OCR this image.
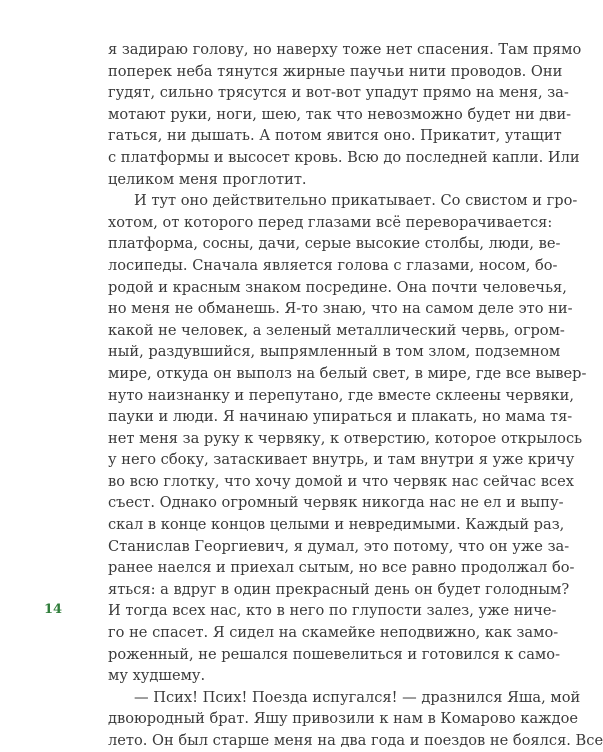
я задираю голову, но наверху тоже нет спасения. Там прямо
поперек неба тянутся жирные паучьи нити проводов. Они
гудят, сильно трясутся и вот-вот упадут прямо на меня, за-
мотают руки, ноги, шею, так что невозможно будет ни дви-
гаться, ни дышать. А потом явится оно. Прикатит, утащит
с платформы и высосет кровь. Всю до последней капли. Или
целиком меня проглотит.
И тут оно действительно прикатывает. Со свистом и гро-
хотом, от которого перед глазами всё переворачивается:
платформа, сосны, дачи, серые высокие столбы, люди, ве-
лосипеды. Сначала является голова с глазами, носом, бо-
родой и красным знаком посредине. Она почти человечья,
но меня не обманешь. Я-то знаю, что на самом деле это ни-
какой не человек, а зеленый металлический червь, огром-
ный, раздувшийся, выпрямленный в том злом, подземном
мире, откуда он выполз на белый свет, в мире, где все вывер-
нуто наизнанку и перепутано, где вместе склеены червяки,
пауки и люди. Я начинаю упираться и плакать, но мама тя-
нет меня за руку к червяку, к отверстию, которое открылось
у него сбоку, затаскивает внутрь, и там внутри я уже кричу
во всю глотку, что хочу домой и что червяк нас сейчас всех
съест. Однако огромный червяк никогда нас не ел и выпу-
скал в конце концов целыми и невредимыми. Каждый раз,
Станислав Георгиевич, я думал, это потому, что он уже за-
ранее наелся и приехал сытым, но все равно продолжал бо-
яться: а вдруг в один прекрасный день он будет голодным?
И тогда всех нас, кто в него по глупости залез, уже ниче-
го не спасет. Я сидел на скамейке неподвижно, как замо-
роженный, не решался пошевелиться и готовился к само-
му худшему.
— Псих! Псих! Поезда испугался! — дразнился Яша, мой
двоюродный брат. Яшу привозили к нам в Комарово каждое
лето. Он был старше меня на два года и поездов не боялся. Все
14
